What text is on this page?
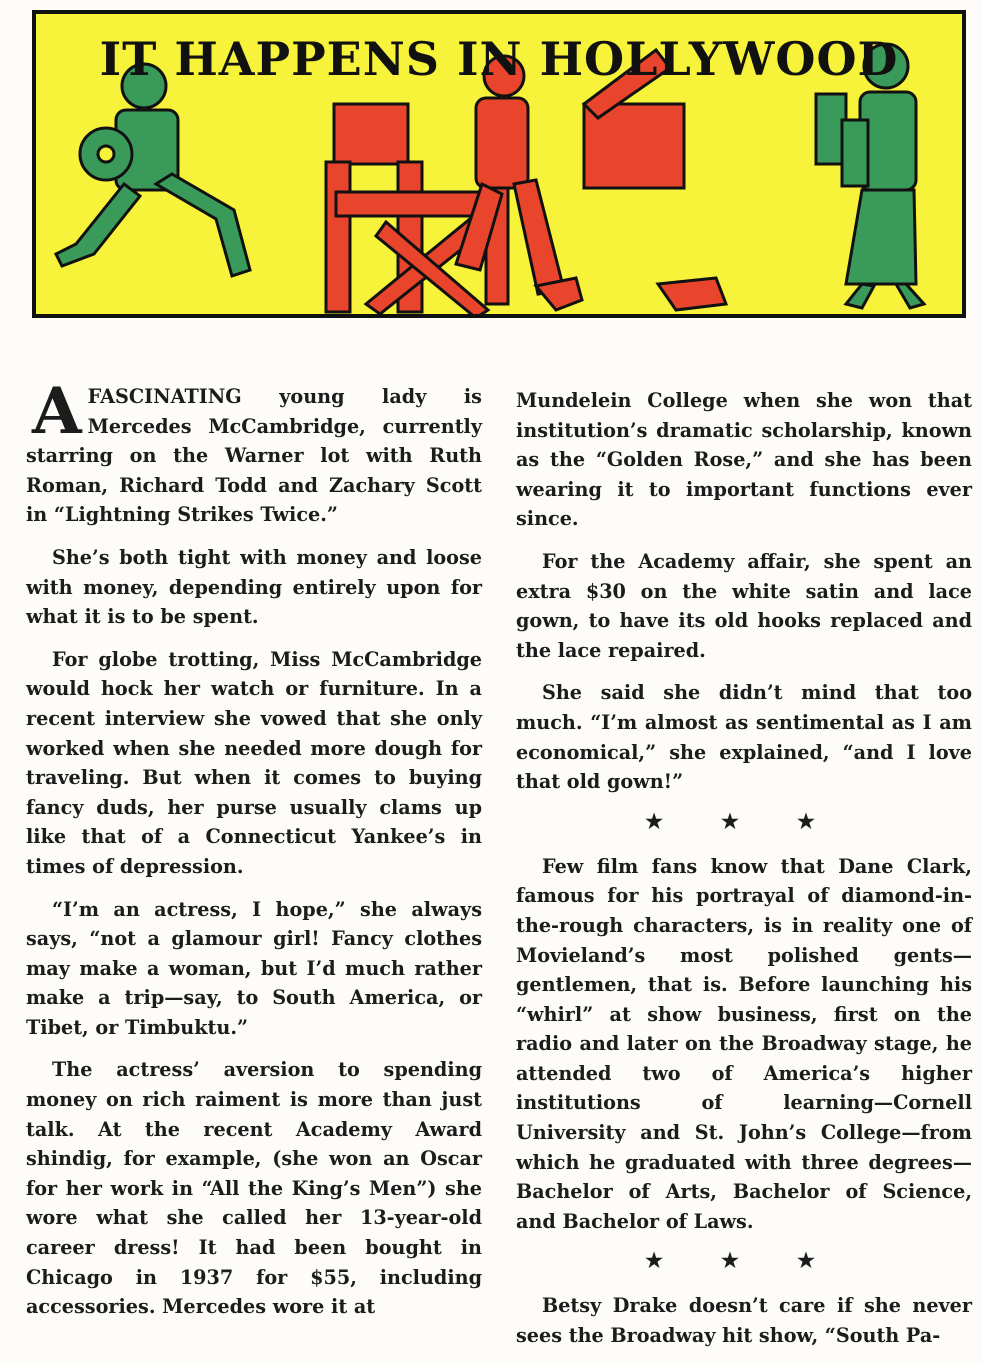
IT HAPPENS IN HOLLYWOOD

AFASCINATING young lady is Mercedes McCambridge, currently starring on the Warner lot with Ruth Roman, Richard Todd and Zachary Scott in “Lightning Strikes Twice.”

She’s both tight with money and loose with money, depending entirely upon for what it is to be spent.

For globe trotting, Miss McCambridge would hock her watch or furniture. In a recent interview she vowed that she only worked when she needed more dough for traveling. But when it comes to buying fancy duds, her purse usually clams up like that of a Connecticut Yankee’s in times of depression.

“I’m an actress, I hope,” she always says, “not a glamour girl! Fancy clothes may make a woman, but I’d much rather make a trip—say, to South America, or Tibet, or Timbuktu.”

The actress’ aversion to spending money on rich raiment is more than just talk. At the recent Academy Award shindig, for example, (she won an Oscar for her work in “All the King’s Men”) she wore what she called her 13-year-old career dress! It had been bought in Chicago in 1937 for $55, including accessories. Mercedes wore it at

Mundelein College when she won that institution’s dramatic scholarship, known as the “Golden Rose,” and she has been wearing it to important functions ever since.

For the Academy affair, she spent an extra $30 on the white satin and lace gown, to have its old hooks replaced and the lace repaired.

She said she didn’t mind that too much. “I’m almost as sentimental as I am economical,” she explained, “and I love that old gown!”

★★★

Few film fans know that Dane Clark, famous for his portrayal of diamond-in-the-rough characters, is in reality one of Movieland’s most polished gents—gentlemen, that is. Before launching his “whirl” at show business, first on the radio and later on the Broadway stage, he attended two of America’s higher institutions of learning—Cornell University and St. John’s College—from which he graduated with three degrees—Bachelor of Arts, Bachelor of Science, and Bachelor of Laws.

★★★

Betsy Drake doesn’t care if she never sees the Broadway hit show, “South Pa-
